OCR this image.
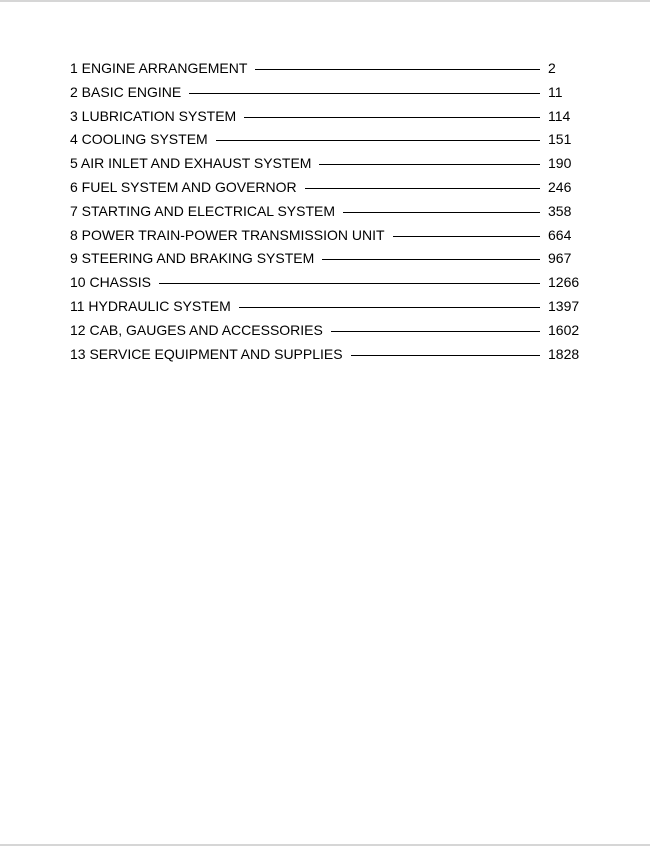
1 ENGINE ARRANGEMENT	2
2 BASIC ENGINE	11
3 LUBRICATION SYSTEM	114
4 COOLING SYSTEM	151
5 AIR INLET AND EXHAUST SYSTEM	190
6 FUEL SYSTEM AND GOVERNOR	246
7 STARTING AND ELECTRICAL SYSTEM	358
8 POWER TRAIN-POWER TRANSMISSION UNIT	664
9 STEERING AND BRAKING SYSTEM	967
10 CHASSIS	1266
11 HYDRAULIC SYSTEM	1397
12 CAB, GAUGES AND ACCESSORIES	1602
13 SERVICE EQUIPMENT AND SUPPLIES	1828
